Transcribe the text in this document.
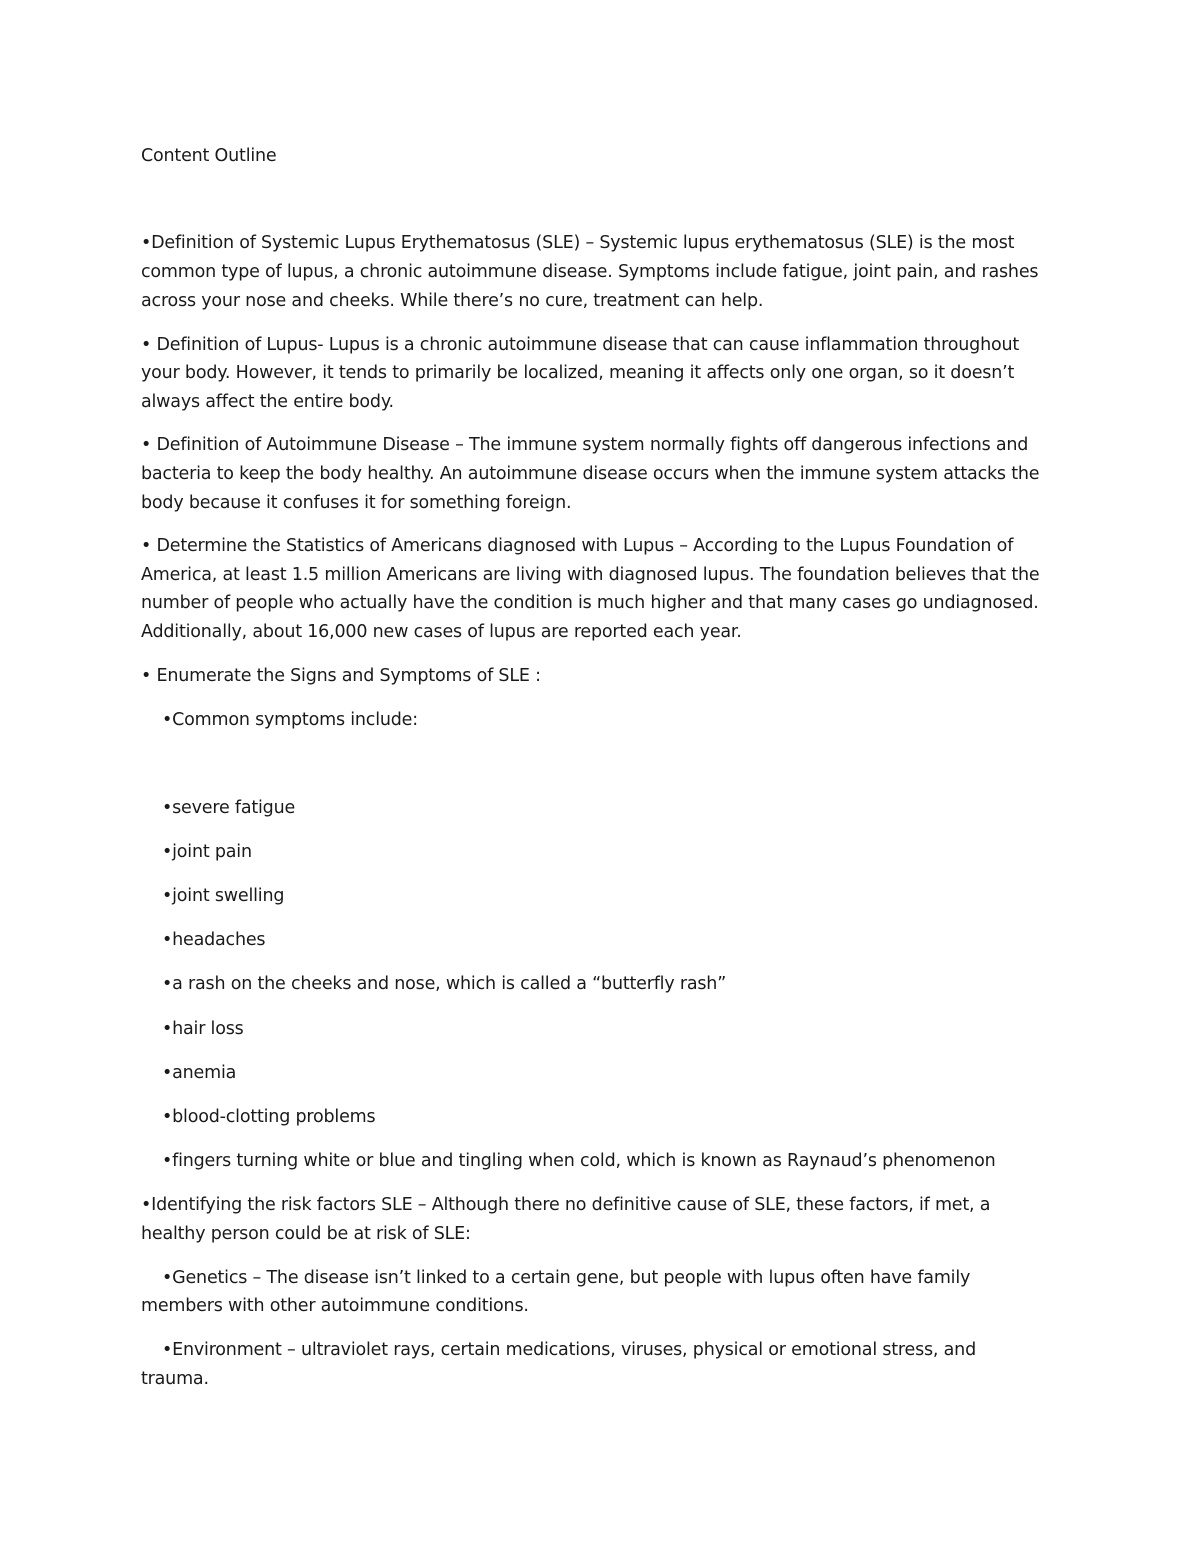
Content Outline
•Definition of Systemic Lupus Erythematosus (SLE) – Systemic lupus erythematosus (SLE) is the most
common type of lupus, a chronic autoimmune disease. Symptoms include fatigue, joint pain, and rashes
across your nose and cheeks. While there’s no cure, treatment can help.
• Definition of Lupus- Lupus is a chronic autoimmune disease that can cause inflammation throughout
your body. However, it tends to primarily be localized, meaning it affects only one organ, so it doesn’t
always affect the entire body.
• Definition of Autoimmune Disease – The immune system normally fights off dangerous infections and
bacteria to keep the body healthy. An autoimmune disease occurs when the immune system attacks the
body because it confuses it for something foreign.
• Determine the Statistics of Americans diagnosed with Lupus – According to the Lupus Foundation of
America, at least 1.5 million Americans are living with diagnosed lupus. The foundation believes that the
number of people who actually have the condition is much higher and that many cases go undiagnosed.
Additionally, about 16,000 new cases of lupus are reported each year.
• Enumerate the Signs and Symptoms of SLE :
•Common symptoms include:
•severe fatigue
•joint pain
•joint swelling
•headaches
•a rash on the cheeks and nose, which is called a “butterfly rash”
•hair loss
•anemia
•blood-clotting problems
•fingers turning white or blue and tingling when cold, which is known as Raynaud’s phenomenon
•Identifying the risk factors SLE – Although there no definitive cause of SLE, these factors, if met, a
healthy person could be at risk of SLE:
•Genetics – The disease isn’t linked to a certain gene, but people with lupus often have family
members with other autoimmune conditions.
•Environment – ultraviolet rays, certain medications, viruses, physical or emotional stress, and
trauma.
